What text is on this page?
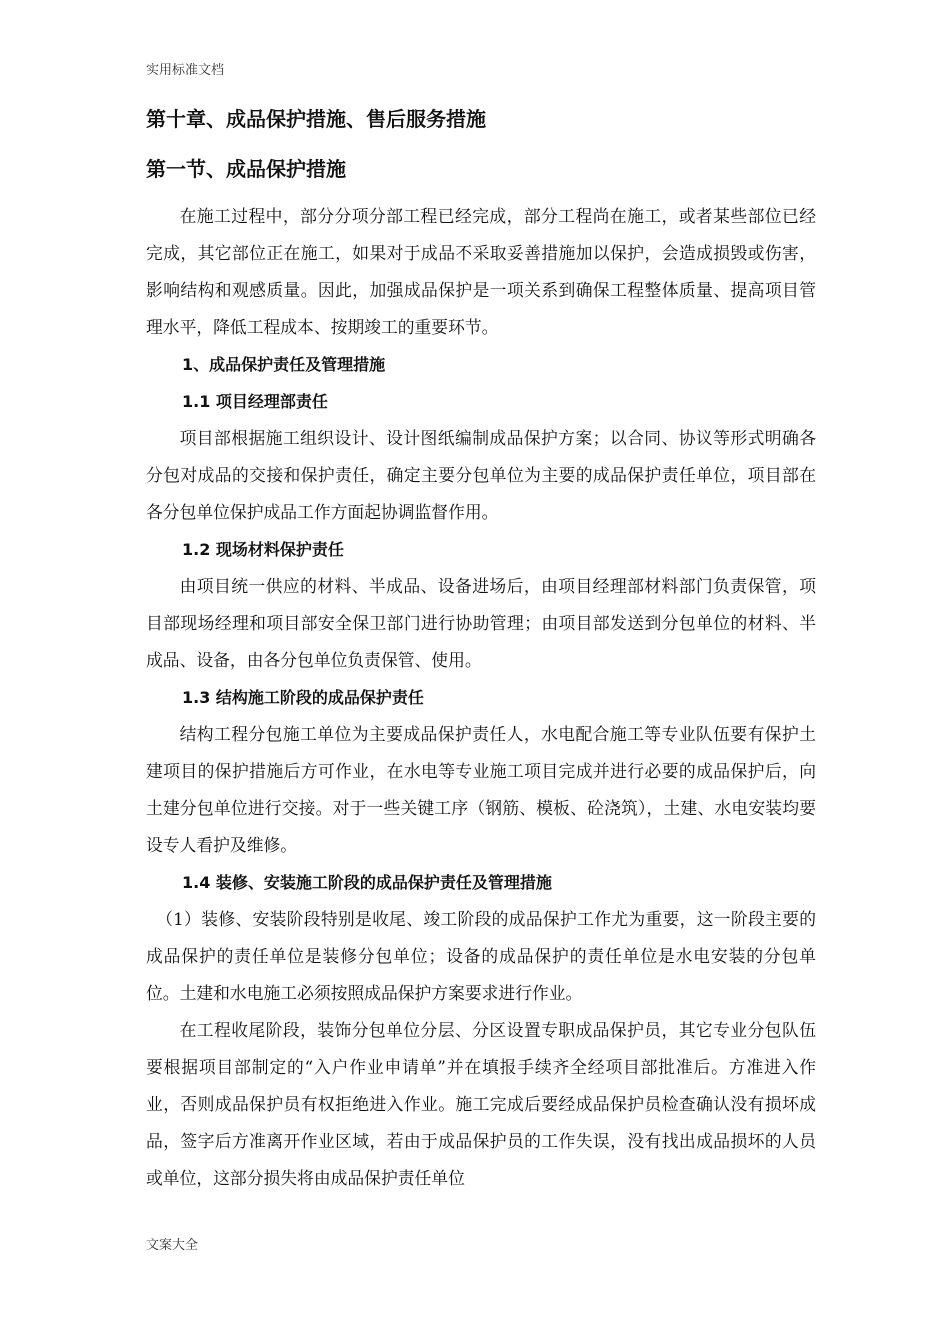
实用标准文档
第十章、成品保护措施、售后服务措施
第一节、成品保护措施

在施工过程中，部分分项分部工程已经完成，部分工程尚在施工，或者某些部位已经完成，其它部位正在施工，如果对于成品不采取妥善措施加以保护，会造成损毁或伤害，影响结构和观感质量。因此，加强成品保护是一项关系到确保工程整体质量、提高项目管理水平，降低工程成本、按期竣工的重要环节。

1、成品保护责任及管理措施
1.1 项目经理部责任

项目部根据施工组织设计、设计图纸编制成品保护方案；以合同、协议等形式明确各分包对成品的交接和保护责任，确定主要分包单位为主要的成品保护责任单位，项目部在各分包单位保护成品工作方面起协调监督作用。

1.2 现场材料保护责任

由项目统一供应的材料、半成品、设备进场后，由项目经理部材料部门负责保管，项目部现场经理和项目部安全保卫部门进行协助管理；由项目部发送到分包单位的材料、半成品、设备，由各分包单位负责保管、使用。

1.3 结构施工阶段的成品保护责任

结构工程分包施工单位为主要成品保护责任人，水电配合施工等专业队伍要有保护土建项目的保护措施后方可作业，在水电等专业施工项目完成并进行必要的成品保护后，向土建分包单位进行交接。对于一些关键工序（钢筋、模板、砼浇筑），土建、水电安装均要设专人看护及维修。

1.4 装修、安装施工阶段的成品保护责任及管理措施

（1）装修、安装阶段特别是收尾、竣工阶段的成品保护工作尤为重要，这一阶段主要的成品保护的责任单位是装修分包单位；设备的成品保护的责任单位是水电安装的分包单位。土建和水电施工必须按照成品保护方案要求进行作业。

在工程收尾阶段，装饰分包单位分层、分区设置专职成品保护员，其它专业分包队伍要根据项目部制定的“入户作业申请单”并在填报手续齐全经项目部批准后。方准进入作业，否则成品保护员有权拒绝进入作业。施工完成后要经成品保护员检查确认没有损坏成品，签字后方准离开作业区域，若由于成品保护员的工作失误，没有找出成品损坏的人员或单位，这部分损失将由成品保护责任单位

文案大全
